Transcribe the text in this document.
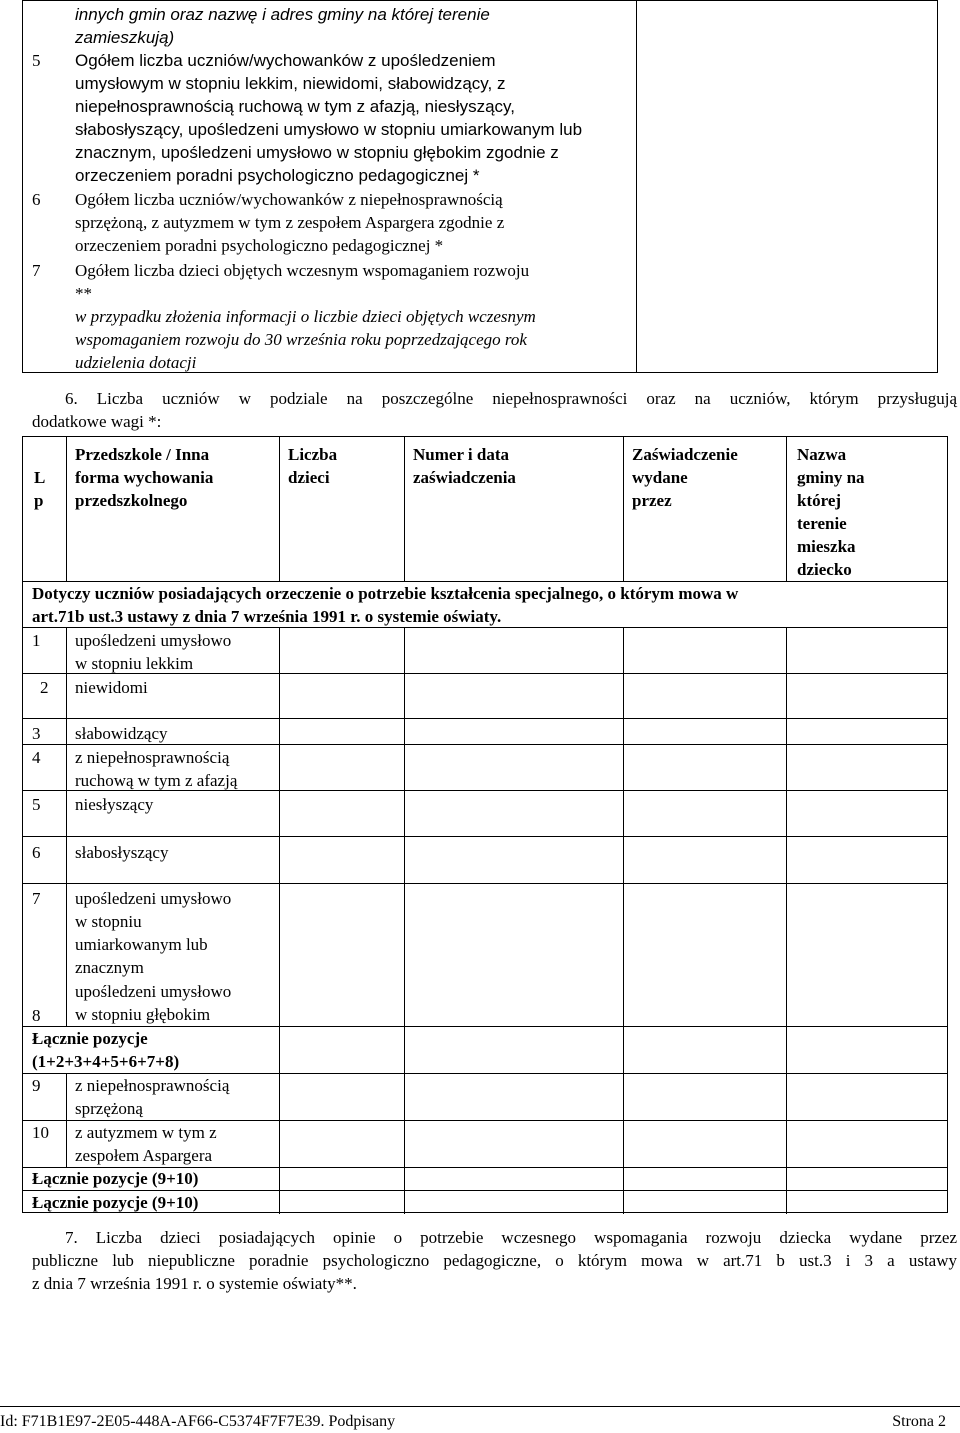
innych gmin oraz nazwę i adres gminy na której terenie
zamieszkują)
5 Ogółem liczba uczniów/wychowanków z upośledzeniem
umysłowym w stopniu lekkim, niewidomi, słabowidzący, z
niepełnosprawnością ruchową w tym z afazją, niesłyszący,
słabosłyszący, upośledzeni umysłowo w stopniu umiarkowanym lub
znacznym, upośledzeni umysłowo w stopniu głębokim zgodnie z
orzeczeniem poradni psychologiczno pedagogicznej *
6 Ogółem liczba uczniów/wychowanków z niepełnosprawnością
sprzężoną, z autyzmem w tym z zespołem Aspargera zgodnie z
orzeczeniem poradni psychologiczno pedagogicznej *
7 Ogółem liczba dzieci objętych wczesnym wspomaganiem rozwoju
**
w przypadku złożenia informacji o liczbie dzieci objętych wczesnym
wspomaganiem rozwoju do 30 września roku poprzedzającego rok
udzielenia dotacji
6. Liczba uczniów w podziale na poszczególne niepełnosprawności oraz na uczniów, którym przysługują
dodatkowe wagi *:
L
p
Przedszkole / Inna
forma wychowania
przedszkolnego
Liczba
dzieci
Numer i data
zaświadczenia
Zaświadczenie
wydane
przez
Nazwa
gminy na
której
terenie
mieszka
dziecko
Dotyczy uczniów posiadających orzeczenie o potrzebie kształcenia specjalnego, o którym mowa w
art.71b ust.3 ustawy z dnia 7 września 1991 r. o systemie oświaty.
1 upośledzeni umysłowo
w stopniu lekkim
2 niewidomi
3 słabowidzący
4 z niepełnosprawnością
ruchową w tym z afazją
5 niesłyszący
6 słabosłyszący
7 upośledzeni umysłowo
w stopniu
umiarkowanym lub
znacznym
8
upośledzeni umysłowo
w stopniu głębokim
Łącznie pozycje
(1+2+3+4+5+6+7+8)
9 z niepełnosprawnością
sprzężoną
10 z autyzmem w tym z
zespołem Aspargera
Łącznie pozycje (9+10)
Łącznie pozycje (9+10)
7. Liczba dzieci posiadających opinie o potrzebie wczesnego wspomagania rozwoju dziecka wydane przez
publiczne lub niepubliczne poradnie psychologiczno pedagogiczne, o którym mowa w art.71 b ust.3 i 3 a ustawy
z dnia 7 września 1991 r. o systemie oświaty**.
Id: F71B1E97-2E05-448A-AF66-C5374F7F7E39. Podpisany	Strona 2
